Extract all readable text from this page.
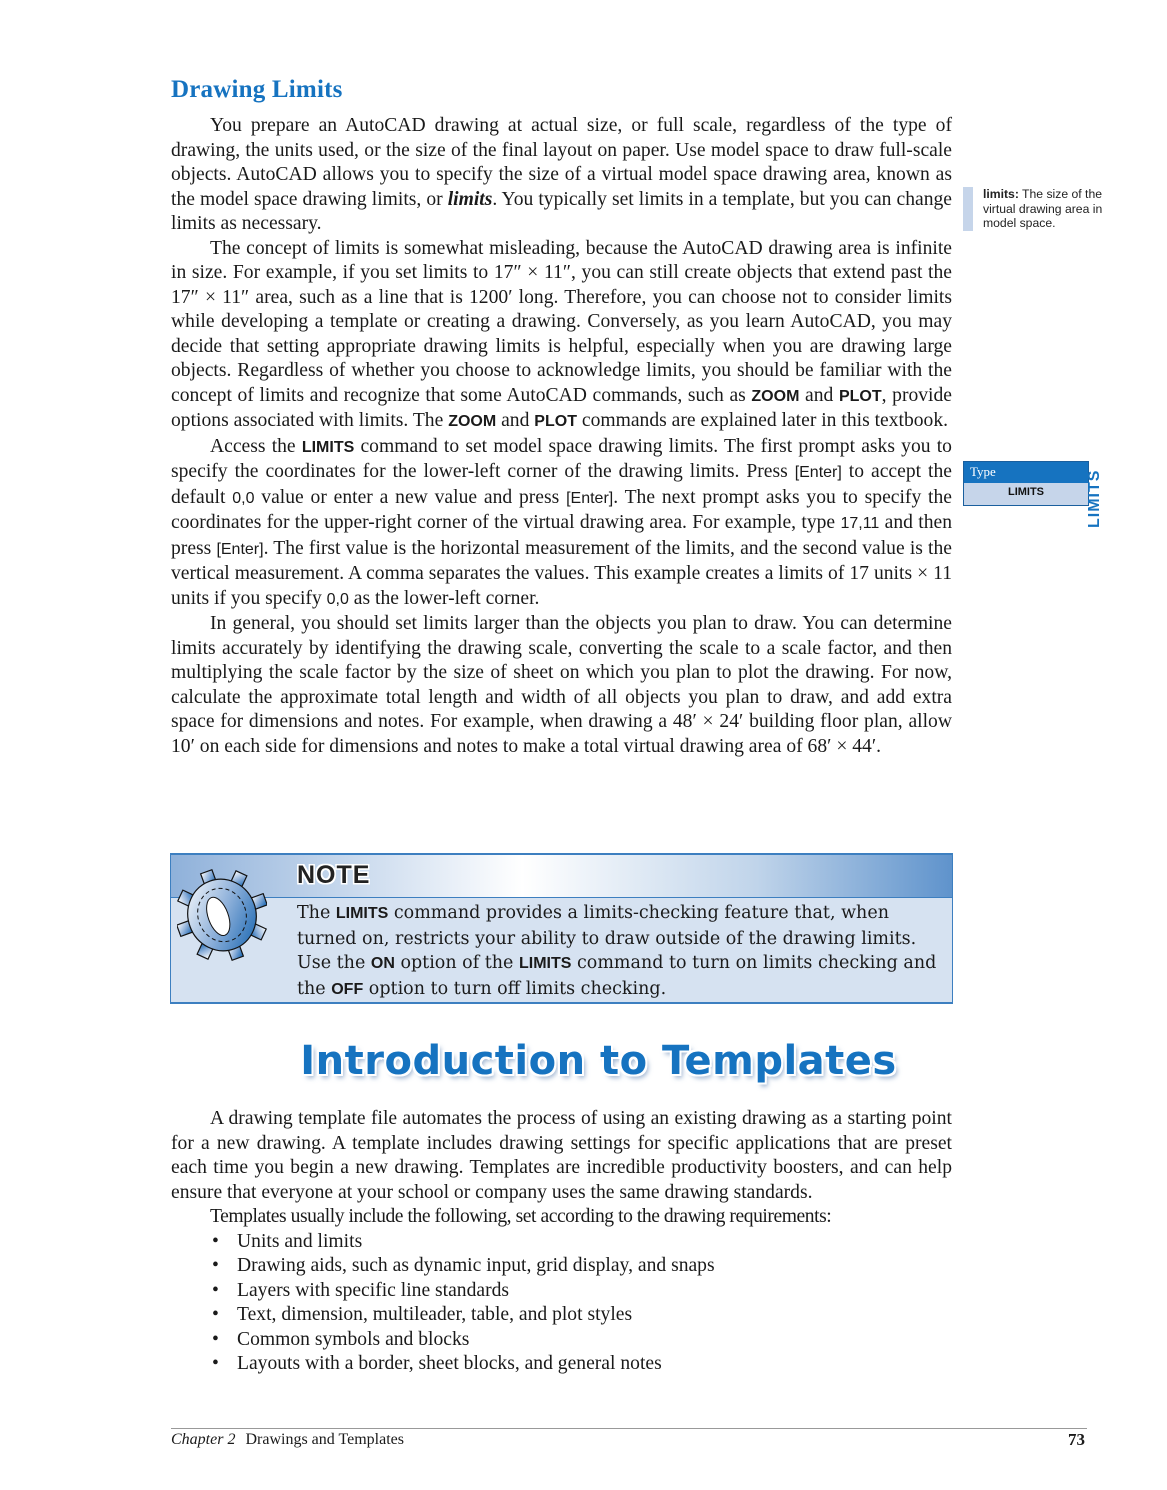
Drawing Limits

You prepare an AutoCAD drawing at actual size, or full scale, regardless of the type of drawing, the units used, or the size of the final layout on paper. Use model space to draw full-scale objects. AutoCAD allows you to specify the size of a virtual model space drawing area, known as the model space drawing limits, or limits. You typically set limits in a template, but you can change limits as necessary.

The concept of limits is somewhat misleading, because the AutoCAD drawing area is infinite in size. For example, if you set limits to 17″ × 11″, you can still create objects that extend past the 17″ × 11″ area, such as a line that is 1200′ long. Therefore, you can choose not to consider limits while developing a template or creating a drawing. Conversely, as you learn AutoCAD, you may decide that setting appropriate drawing limits is helpful, especially when you are drawing large objects. Regardless of whether you choose to acknowledge limits, you should be familiar with the concept of limits and recognize that some AutoCAD commands, such as ZOOM and PLOT, provide options associated with limits. The ZOOM and PLOT commands are explained later in this textbook.

Access the LIMITS command to set model space drawing limits. The first prompt asks you to specify the coordinates for the lower-left corner of the drawing limits. Press [Enter] to accept the default 0,0 value or enter a new value and press [Enter]. The next prompt asks you to specify the coordinates for the upper-right corner of the virtual drawing area. For example, type 17,11 and then press [Enter]. The first value is the horizontal measurement of the limits, and the second value is the vertical measurement. A comma separates the values. This example creates a limits of 17 units × 11 units if you specify 0,0 as the lower-left corner.

In general, you should set limits larger than the objects you plan to draw. You can determine limits accurately by identifying the drawing scale, converting the scale to a scale factor, and then multiplying the scale factor by the size of sheet on which you plan to plot the drawing. For now, calculate the approximate total length and width of all objects you plan to draw, and add extra space for dimensions and notes. For example, when drawing a 48′ × 24′ building floor plan, allow 10′ on each side for dimensions and notes to make a total virtual drawing area of 68′ × 44′.

limits: The size of the virtual drawing area in model space.
Type
LIMITS	LIMITS
NOTE
The LIMITS command provides a limits-checking feature that, when turned on, restricts your ability to draw outside of the drawing limits. Use the ON option of the LIMITS command to turn on limits checking and the OFF option to turn off limits checking.
Introduction to Templates

A drawing template file automates the process of using an existing drawing as a starting point for a new drawing. A template includes drawing settings for specific applications that are preset each time you begin a new drawing. Templates are incredible productivity boosters, and can help ensure that everyone at your school or company uses the same drawing standards.

Templates usually include the following, set according to the drawing requirements:

• Units and limits
• Drawing aids, such as dynamic input, grid display, and snaps
• Layers with specific line standards
• Text, dimension, multileader, table, and plot styles
• Common symbols and blocks
• Layouts with a border, sheet blocks, and general notes
Chapter 2 Drawings and Templates	73
